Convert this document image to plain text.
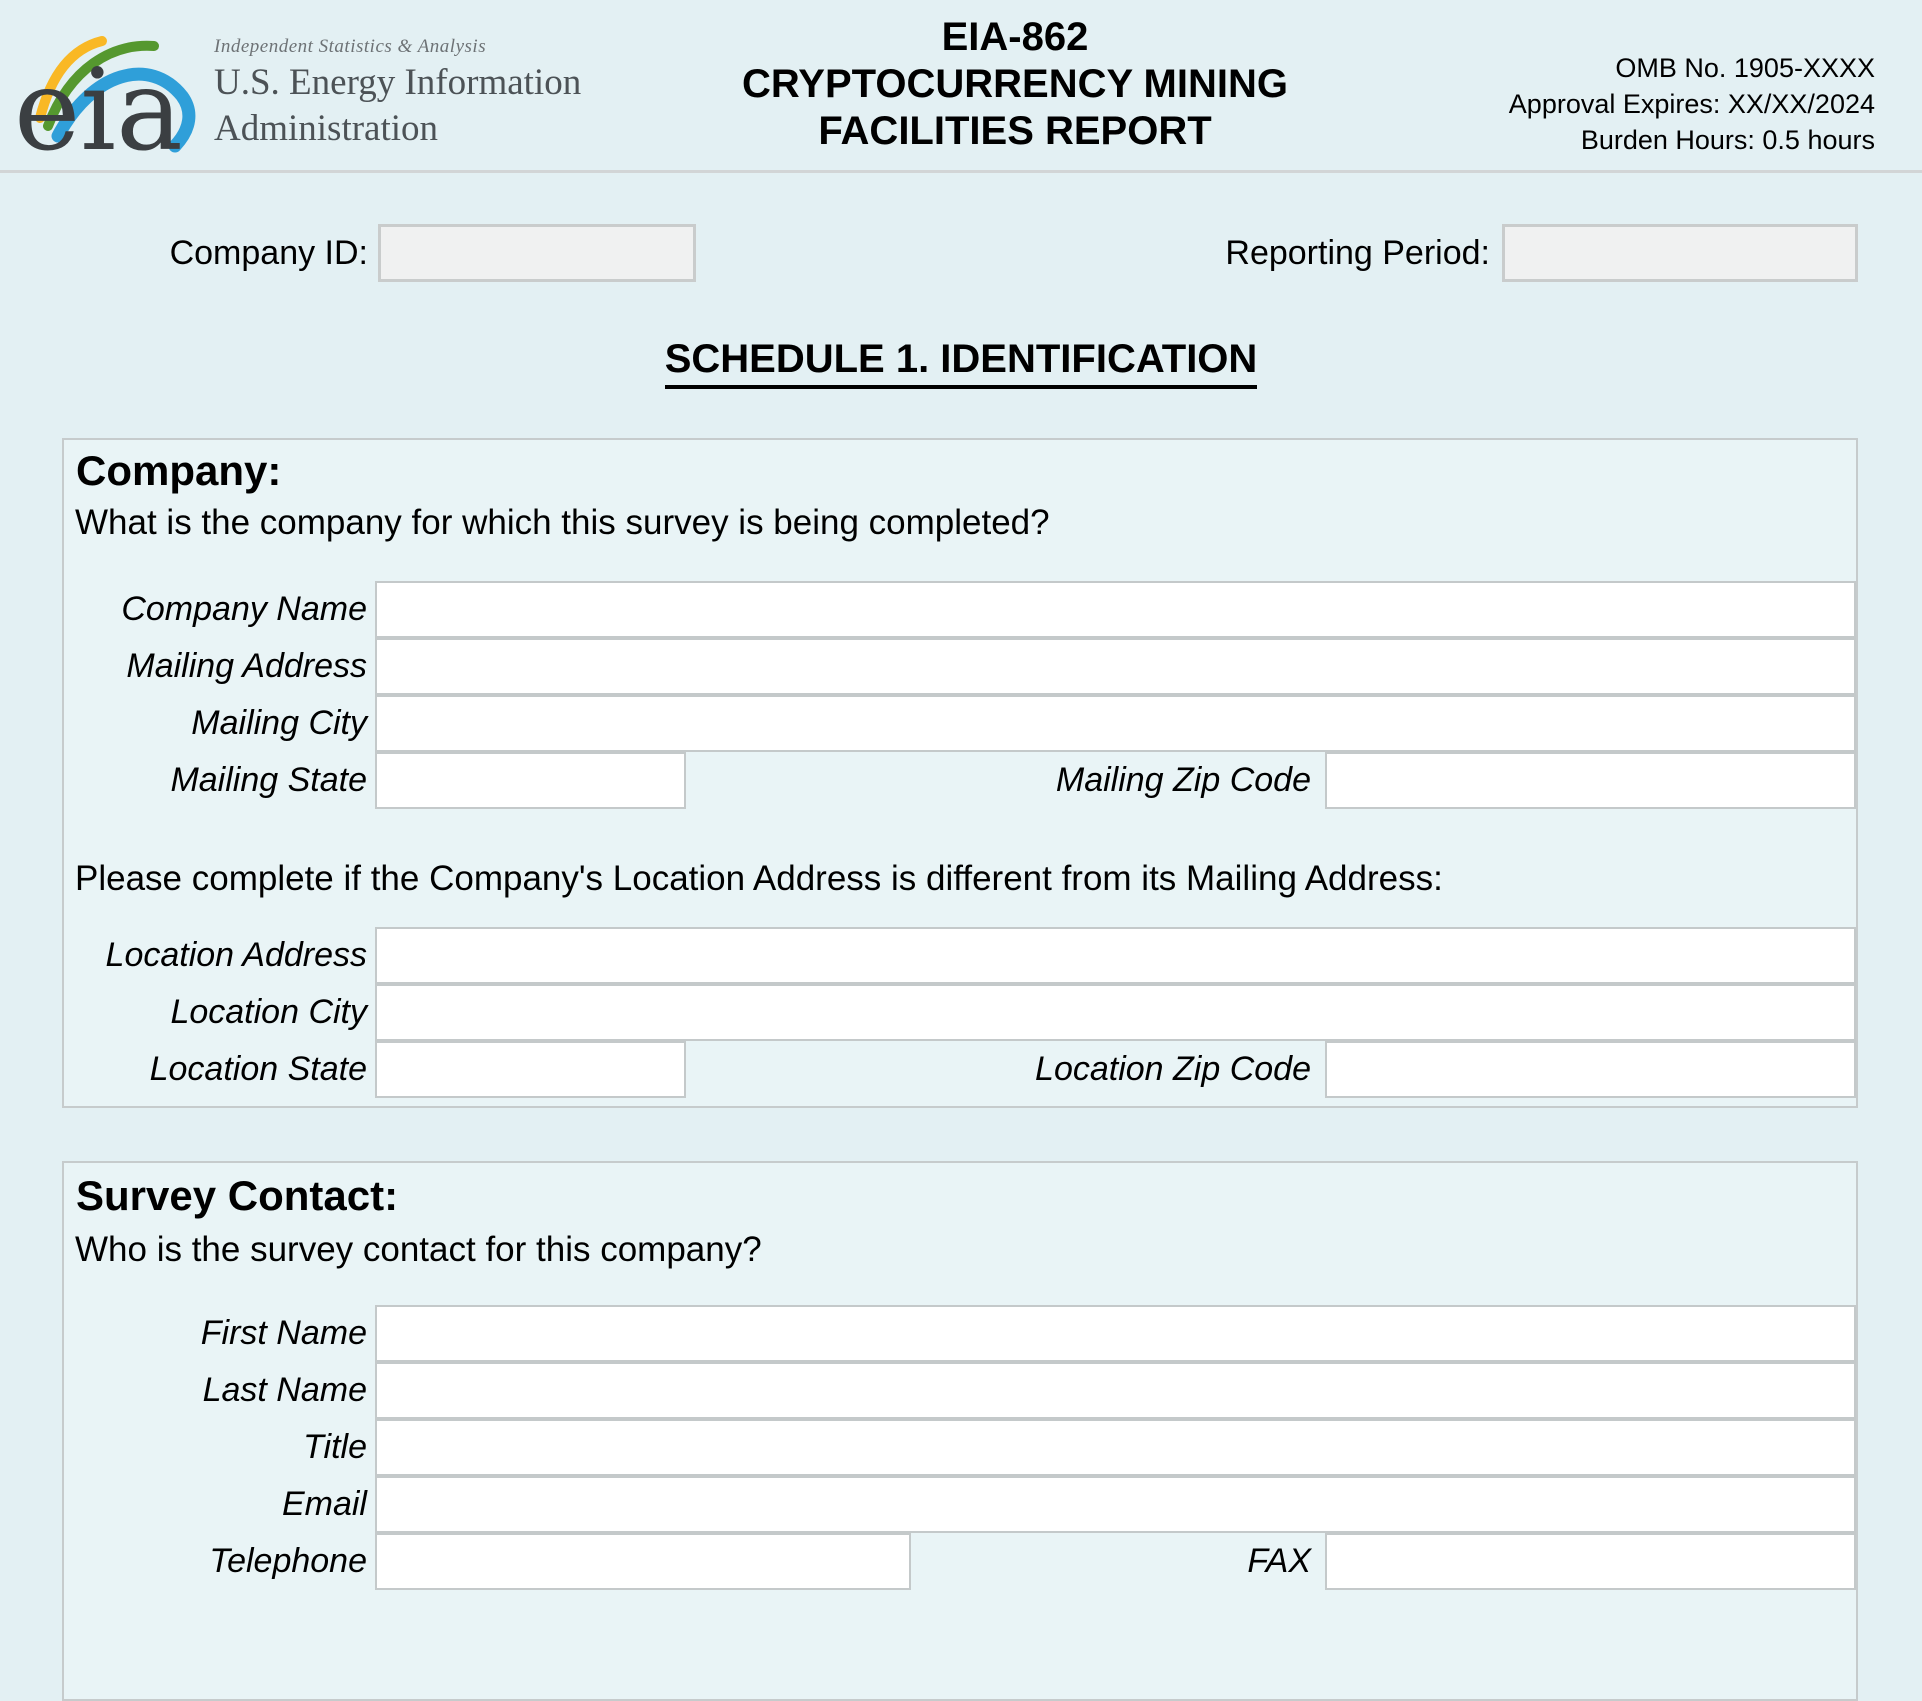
eia Independent Statistics & Analysis
U.S. Energy Information
Administration
EIA-862
CRYPTOCURRENCY MINING
FACILITIES REPORT
OMB No. 1905-XXXX
Approval Expires: XX/XX/2024
Burden Hours: 0.5 hours
Company ID:	Reporting Period:
SCHEDULE 1. IDENTIFICATION
Company:
What is the company for which this survey is being completed?
Company Name
Mailing Address
Mailing City
Mailing State	Mailing Zip Code
Please complete if the Company's Location Address is different from its Mailing Address:
Location Address
Location City
Location State	Location Zip Code
Survey Contact:
Who is the survey contact for this company?
First Name
Last Name
Title
Email
Telephone	FAX
